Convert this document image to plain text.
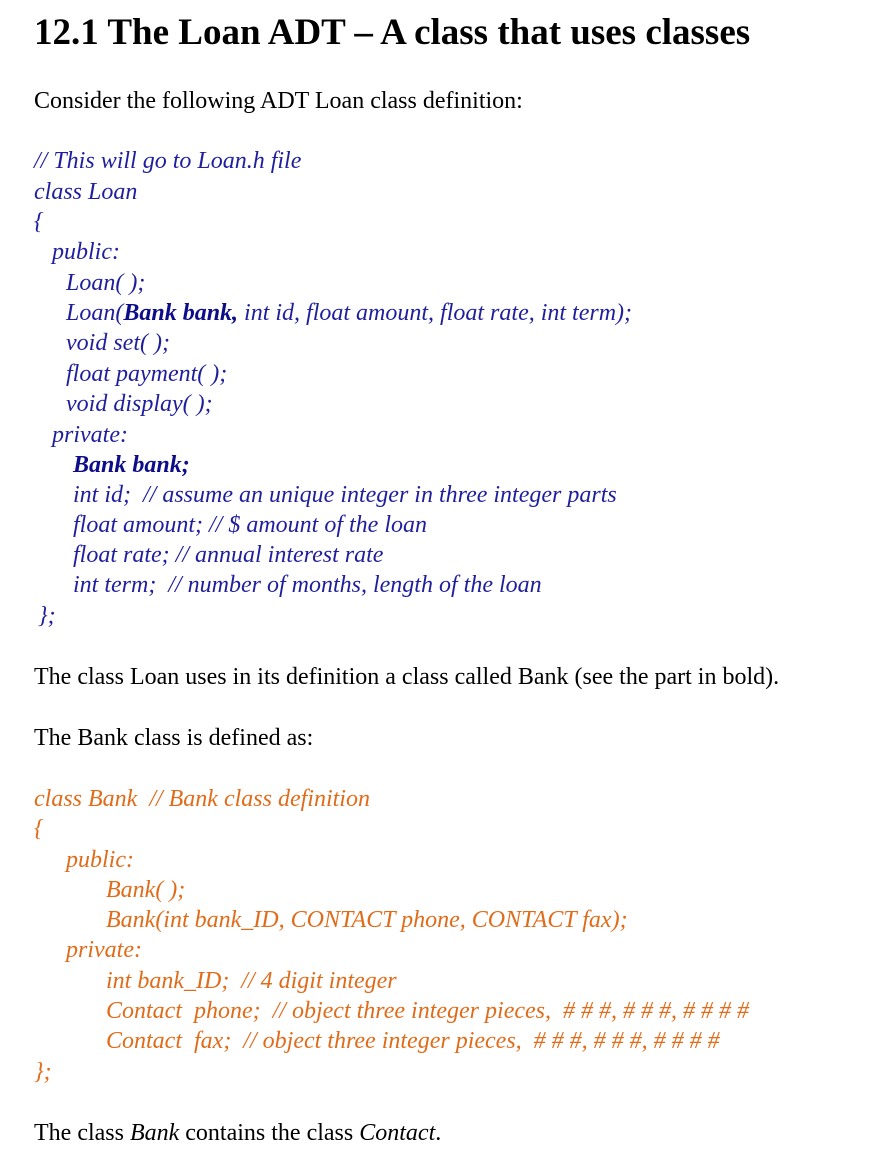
12.1 The Loan ADT – A class that uses classes

Consider the following ADT Loan class definition:

// This will go to Loan.h file
class Loan
{
public:
Loan( );
Loan(Bank bank, int id, float amount, float rate, int term);
void set( );
float payment( );
void display( );
private:
Bank bank;
int id;  // assume an unique integer in three integer parts
float amount; // $ amount of the loan
float rate; // annual interest rate
int term;  // number of months, length of the loan
};

The class Loan uses in its definition a class called Bank (see the part in bold).

The Bank class is defined as:

class Bank  // Bank class definition
{
public:
Bank( );
Bank(int bank_ID, CONTACT phone, CONTACT fax);
private:
int bank_ID;  // 4 digit integer
Contact  phone;  // object three integer pieces,  # # #, # # #, # # # #
Contact  fax;  // object three integer pieces,  # # #, # # #, # # # #
};

The class Bank contains the class Contact.
